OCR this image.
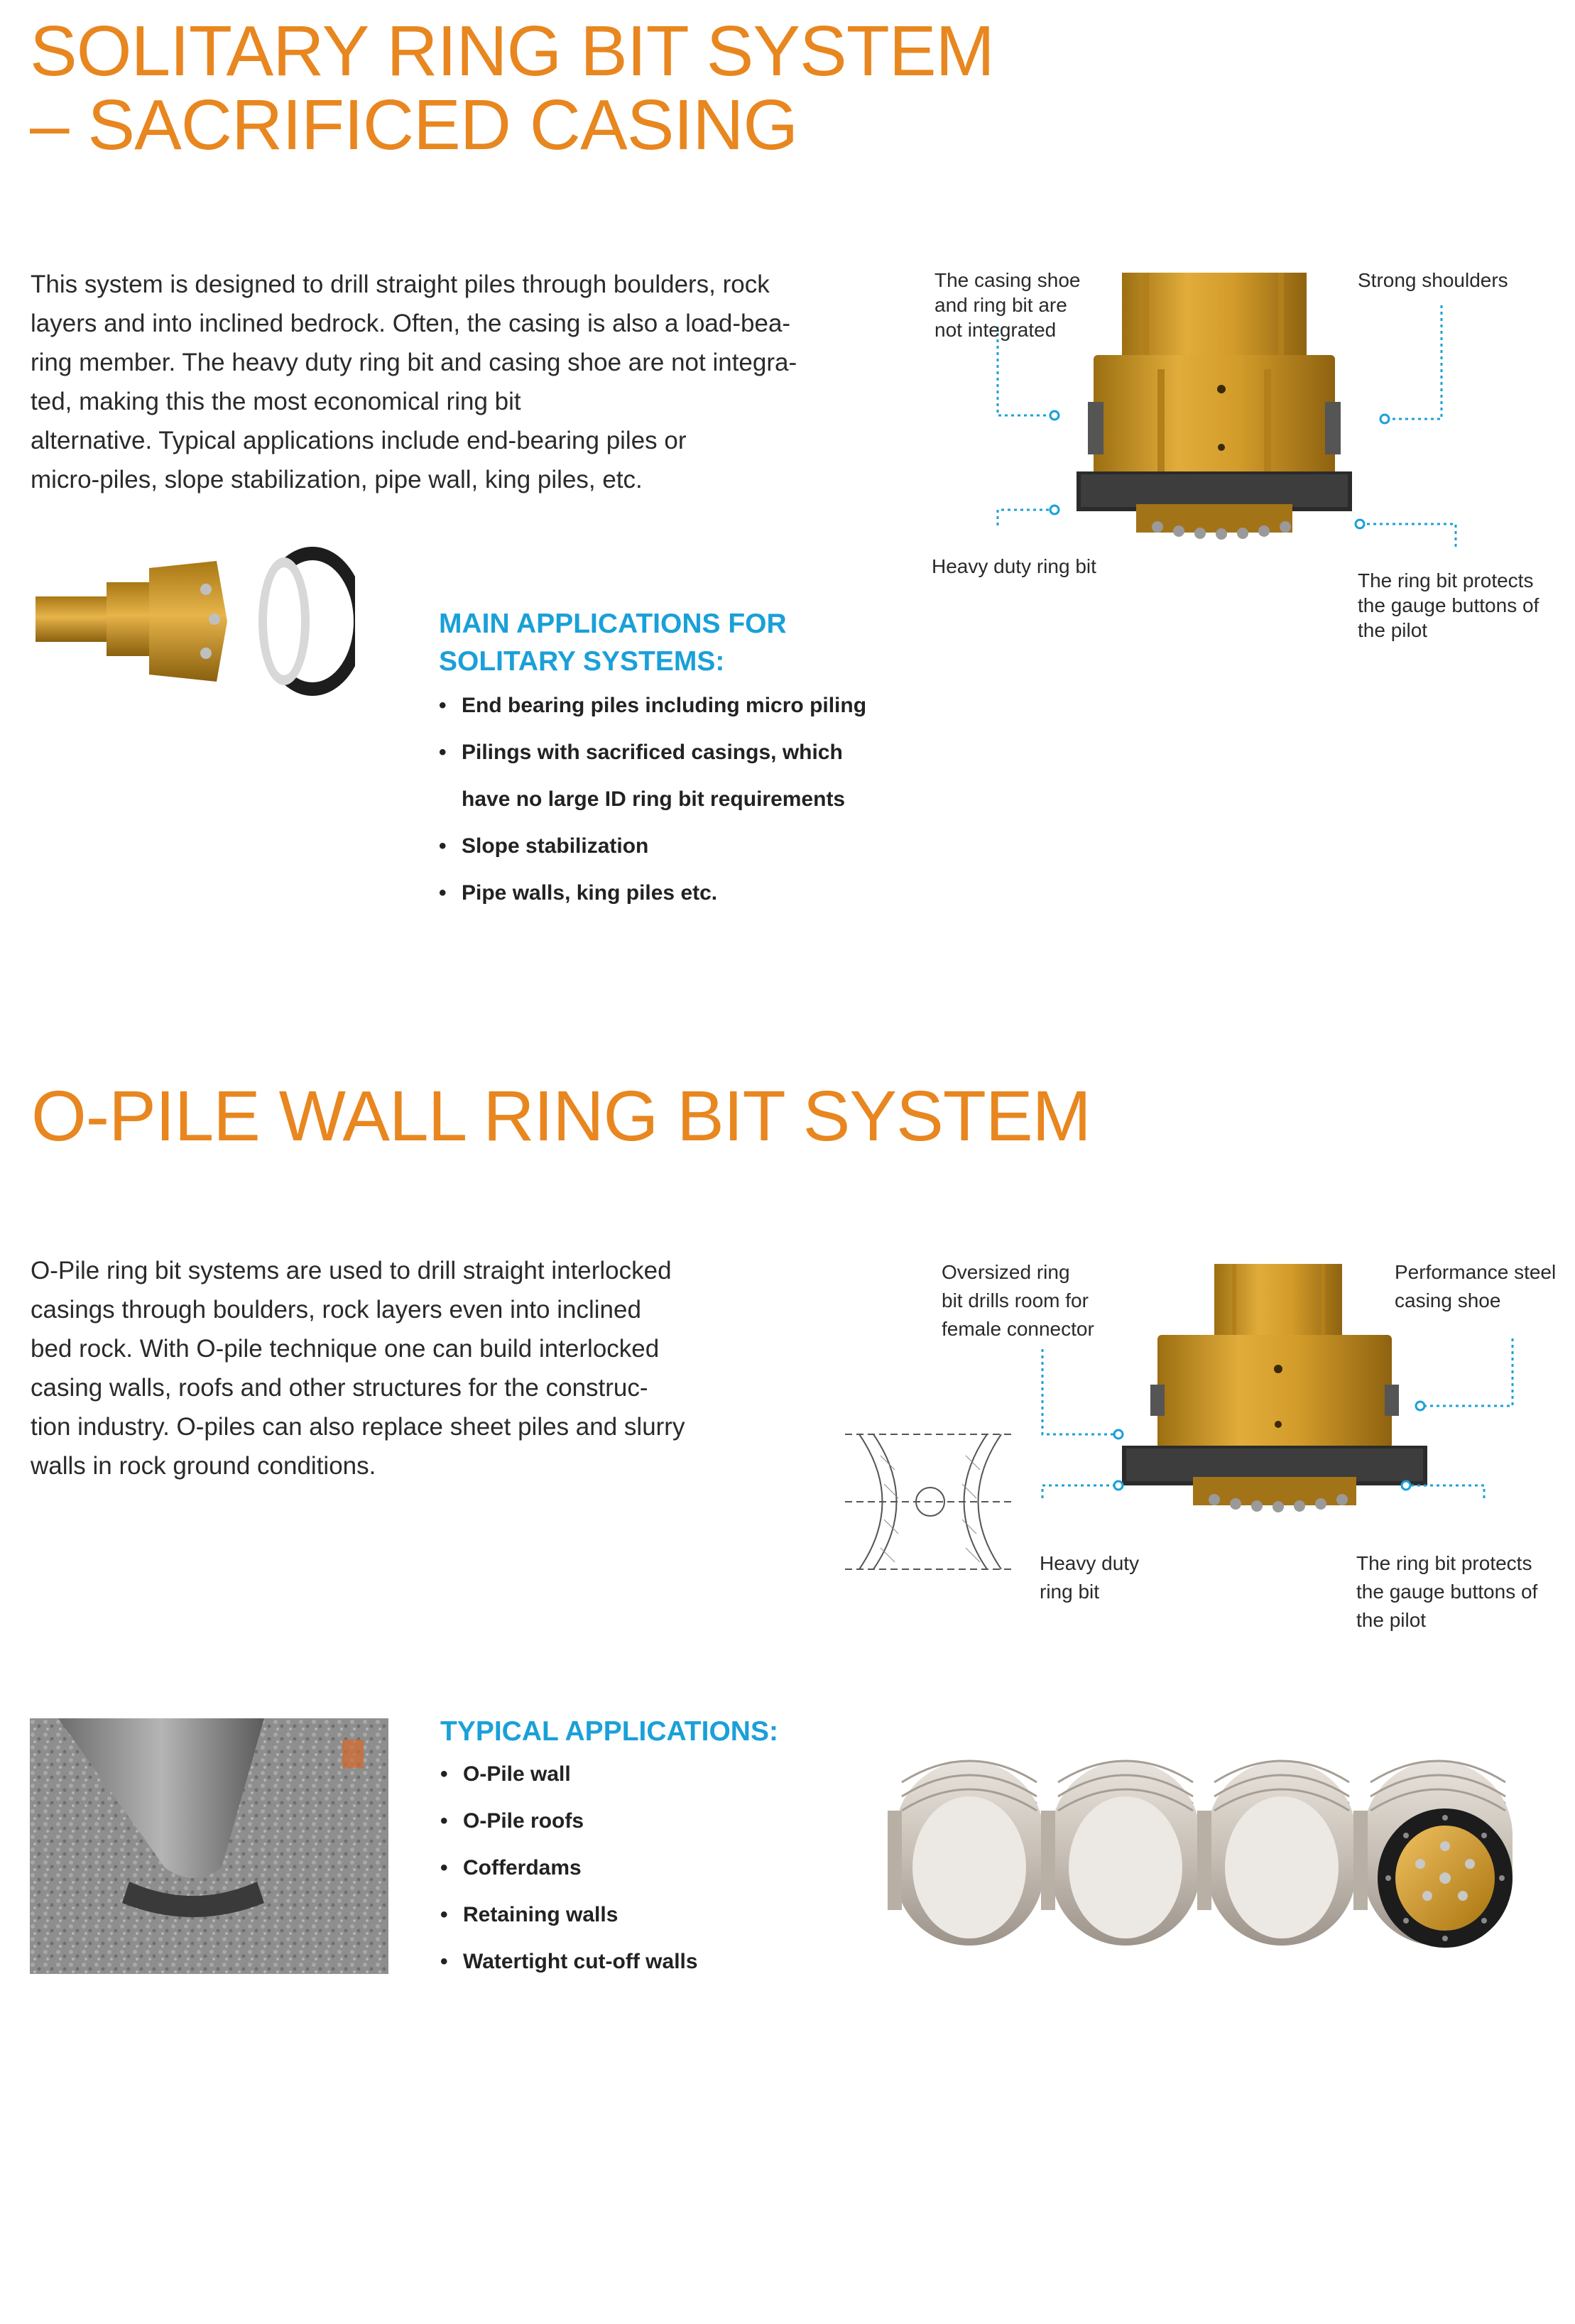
SOLITARY RING BIT SYSTEM
– SACRIFICED CASING
This system is designed to drill straight piles through boulders, rock
layers and into inclined bedrock. Often, the casing is also a load-bea-
ring member. The heavy duty ring bit and casing shoe are not integra-
ted, making this the most economical ring bit
alternative. Typical applications include end-bearing piles or
micro-piles, slope stabilization, pipe wall, king piles, etc.
The casing shoe
and ring bit are
not integrated
Strong shoulders
Heavy duty ring bit
The ring bit protects
the gauge buttons of
the pilot
MAIN APPLICATIONS FOR
SOLITARY SYSTEMS:
• End bearing piles including micro piling
• Pilings with sacrificed casings, which
have no large ID ring bit requirements
• Slope stabilization
• Pipe walls, king piles etc.
O-PILE WALL RING BIT SYSTEM
O-Pile ring bit systems are used to drill straight interlocked
casings through boulders, rock layers even into inclined
bed rock. With O-pile technique one can build interlocked
casing walls, roofs and other structures for the construc-
tion industry. O-piles can also replace sheet piles and slurry
walls in rock ground conditions.
Oversized ring
bit drills room for
female connector
Performance steel
casing shoe
Heavy duty
ring bit
The ring bit protects
the gauge buttons of
the pilot
TYPICAL APPLICATIONS:
• O-Pile wall
• O-Pile roofs
• Cofferdams
• Retaining walls
• Watertight cut-off walls
